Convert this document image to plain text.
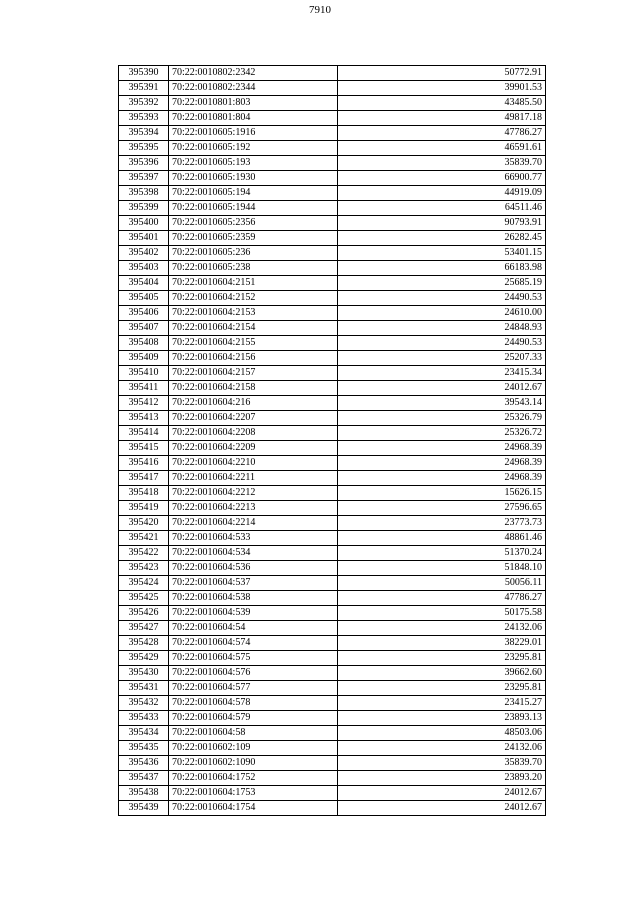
7910
395390	70:22:0010802:2342	50772.91
395391	70:22:0010802:2344	39901.53
395392	70:22:0010801:803	43485.50
395393	70:22:0010801:804	49817.18
395394	70:22:0010605:1916	47786.27
395395	70:22:0010605:192	46591.61
395396	70:22:0010605:193	35839.70
395397	70:22:0010605:1930	66900.77
395398	70:22:0010605:194	44919.09
395399	70:22:0010605:1944	64511.46
395400	70:22:0010605:2356	90793.91
395401	70:22:0010605:2359	26282.45
395402	70:22:0010605:236	53401.15
395403	70:22:0010605:238	66183.98
395404	70:22:0010604:2151	25685.19
395405	70:22:0010604:2152	24490.53
395406	70:22:0010604:2153	24610.00
395407	70:22:0010604:2154	24848.93
395408	70:22:0010604:2155	24490.53
395409	70:22:0010604:2156	25207.33
395410	70:22:0010604:2157	23415.34
395411	70:22:0010604:2158	24012.67
395412	70:22:0010604:216	39543.14
395413	70:22:0010604:2207	25326.79
395414	70:22:0010604:2208	25326.72
395415	70:22:0010604:2209	24968.39
395416	70:22:0010604:2210	24968.39
395417	70:22:0010604:2211	24968.39
395418	70:22:0010604:2212	15626.15
395419	70:22:0010604:2213	27596.65
395420	70:22:0010604:2214	23773.73
395421	70:22:0010604:533	48861.46
395422	70:22:0010604:534	51370.24
395423	70:22:0010604:536	51848.10
395424	70:22:0010604:537	50056.11
395425	70:22:0010604:538	47786.27
395426	70:22:0010604:539	50175.58
395427	70:22:0010604:54	24132.06
395428	70:22:0010604:574	38229.01
395429	70:22:0010604:575	23295.81
395430	70:22:0010604:576	39662.60
395431	70:22:0010604:577	23295.81
395432	70:22:0010604:578	23415.27
395433	70:22:0010604:579	23893.13
395434	70:22:0010604:58	48503.06
395435	70:22:0010602:109	24132.06
395436	70:22:0010602:1090	35839.70
395437	70:22:0010604:1752	23893.20
395438	70:22:0010604:1753	24012.67
395439	70:22:0010604:1754	24012.67
